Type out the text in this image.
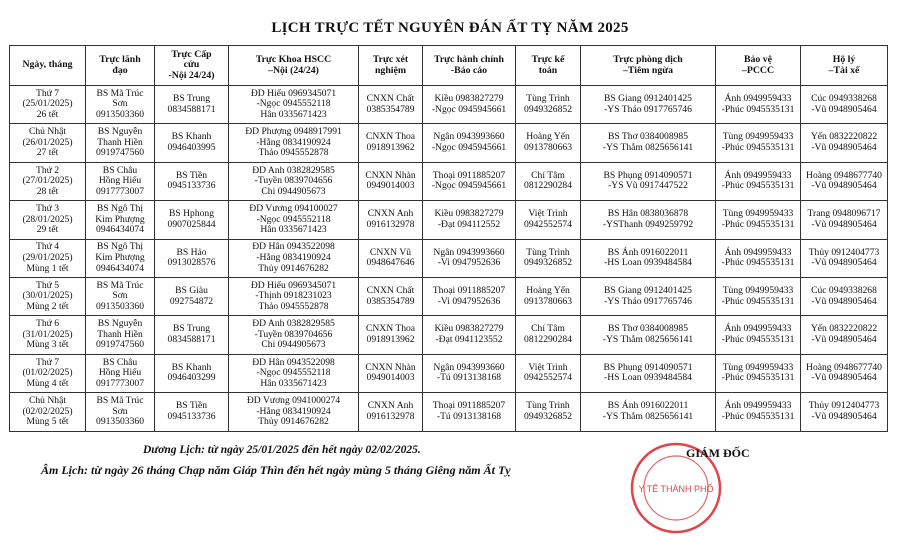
LỊCH TRỰC TẾT NGUYÊN ĐÁN ẤT TỴ NĂM 2025
Ngày, tháng	Trực lãnh
đạo	Trực Cấp
cứu
-Nội 24/24)	Trực Khoa HSCC
–Nội (24/24)	Trực xét
nghiệm	Trực hành chính
-Báo cáo	Trực kế
toán	Trực phòng dịch
–Tiêm ngừa	Bảo vệ
–PCCC	Hộ lý
–Tài xế

Thứ 7
(25/01/2025)
26 tết	BS Mã Trúc
Sơn
0913503360	BS Trung
0834588171	ĐD Hiếu 0969345071
-Ngọc 0945552118
Hân 0335671423	CNXN Chất
0385354789	Kiều 0983827279
-Ngọc 0945945661	Tùng Trình
0949326852	BS Giang 0912401425
-YS Thảo 0917765746	Ánh 0949959433
-Phúc 0945535131	Cúc 0949338268
-Vũ 0948905464

Chủ Nhật
(26/01/2025)
27 tết	BS Nguyễn
Thanh Hiền
0919747560	BS Khanh
0946403995	ĐD Phượng 0948917991
-Hằng 0834190924
Thảo 0945552878	CNXN Thoa
0918913962	Ngân 0943993660
-Ngọc 0945945661	Hoàng Yến
0913780663	BS Thơ 0384008985
-YS Thắm 0825656141	Tùng 0949959433
-Phúc 0945535131	Yến 0832220822
-Vũ 0948905464

Thứ 2
(27/01/2025)
28 tết	BS Châu
Hồng Hiếu
0917773007	BS Tiền
0945133736	ĐD Anh 0382829585
-Tuyền 0839704656
Chi 0944905673	CNXN Nhàn
0949014003	Thoại 0911885207
-Ngọc 0945945661	Chí Tâm
0812290284	BS Phụng 0914090571
-YS Vũ 0917447522	Ánh 0949959433
-Phúc 0945535131	Hoàng 0948677740
-Vũ 0948905464

Thứ 3
(28/01/2025)
29 tết	BS Ngô Thị
Kim Phượng
0946434074	BS Hphong
0907025844	ĐD Vương 094100027
-Ngọc 0945552118
Hân 0335671423	CNXN Anh
0916132978	Kiều 0983827279
-Đạt 094112552	Việt Trình
0942552574	BS Hân 0838036878
-YSThanh 0949259792	Tùng 0949959433
-Phúc 0945535131	Trang 0948096717
-Vũ 0948905464

Thứ 4
(29/01/2025)
Mùng 1 tết	BS Ngô Thị
Kim Phượng
0946434074	BS Hảo
0913028576	ĐD Hân 0943522098
-Hằng 0834190924
Thủy 0914676282	CNXN Vũ
0948647646	Ngân 0943993660
-Vi 0947952636	Tùng Trình
0949326852	BS Ánh 0916022011
-HS Loan 0939484584	Ánh 0949959433
-Phúc 0945535131	Thủy 0912404773
-Vũ 0948905464

Thứ 5
(30/01/2025)
Mùng 2 tết	BS Mã Trúc
Sơn
0913503360	BS Giàu
092754872	ĐD Hiếu 0969345071
-Thịnh 0918231023
Thảo 0945552878	CNXN Chất
0385354789	Thoại 0911885207
-Vi 0947952636	Hoàng Yến
0913780663	BS Giang 0912401425
-YS Thảo 0917765746	Tùng 0949959433
-Phúc 0945535131	Cúc 0949338268
-Vũ 0948905464

Thứ 6
(31/01/2025)
Mùng 3 tết	BS Nguyễn
Thanh Hiền
0919747560	BS Trung
0834588171	ĐD Anh 0382829585
-Tuyền 0839704656
Chi 0944905673	CNXN Thoa
0918913962	Kiều 0983827279
-Đạt 0941123552	Chí Tâm
0812290284	BS Thơ 0384008985
-YS Thắm 0825656141	Ánh 0949959433
-Phúc 0945535131	Yến 0832220822
-Vũ 0948905464

Thứ 7
(01/02/2025)
Mùng 4 tết	BS Châu
Hồng Hiếu
0917773007	BS Khanh
0946403299	ĐD Hân 0943522098
-Ngọc 0945552118
Hân 0335671423	CNXN Nhàn
0949014003	Ngân 0943993660
-Tú 0913138168	Việt Trình
0942552574	BS Phụng 0914090571
-HS Loan 0939484584	Tùng 0949959433
-Phúc 0945535131	Hoàng 0948677740
-Vũ 0948905464

Chủ Nhật
(02/02/2025)
Mùng 5 tết	BS Mã Trúc
Sơn
0913503360	BS Tiền
0945133736	ĐD Vương 0941000274
-Hằng 0834190924
Thủy 0914676282	CNXN Anh
0916132978	Thoại 0911885207
-Tú 0913138168	Tùng Trình
0949326852	BS Ánh 0916022011
-YS Thắm 0825656141	Ánh 0949959433
-Phúc 0945535131	Thủy 0912404773
-Vũ 0948905464
Dương Lịch: từ ngày 25/01/2025 đến hết ngày 02/02/2025.
Âm Lịch: từ ngày 26 tháng Chạp năm Giáp Thìn đến hết ngày mùng 5 tháng Giêng năm Ất Tỵ
Y TẾ THÀNH PHỐ
GIÁM ĐỐC
